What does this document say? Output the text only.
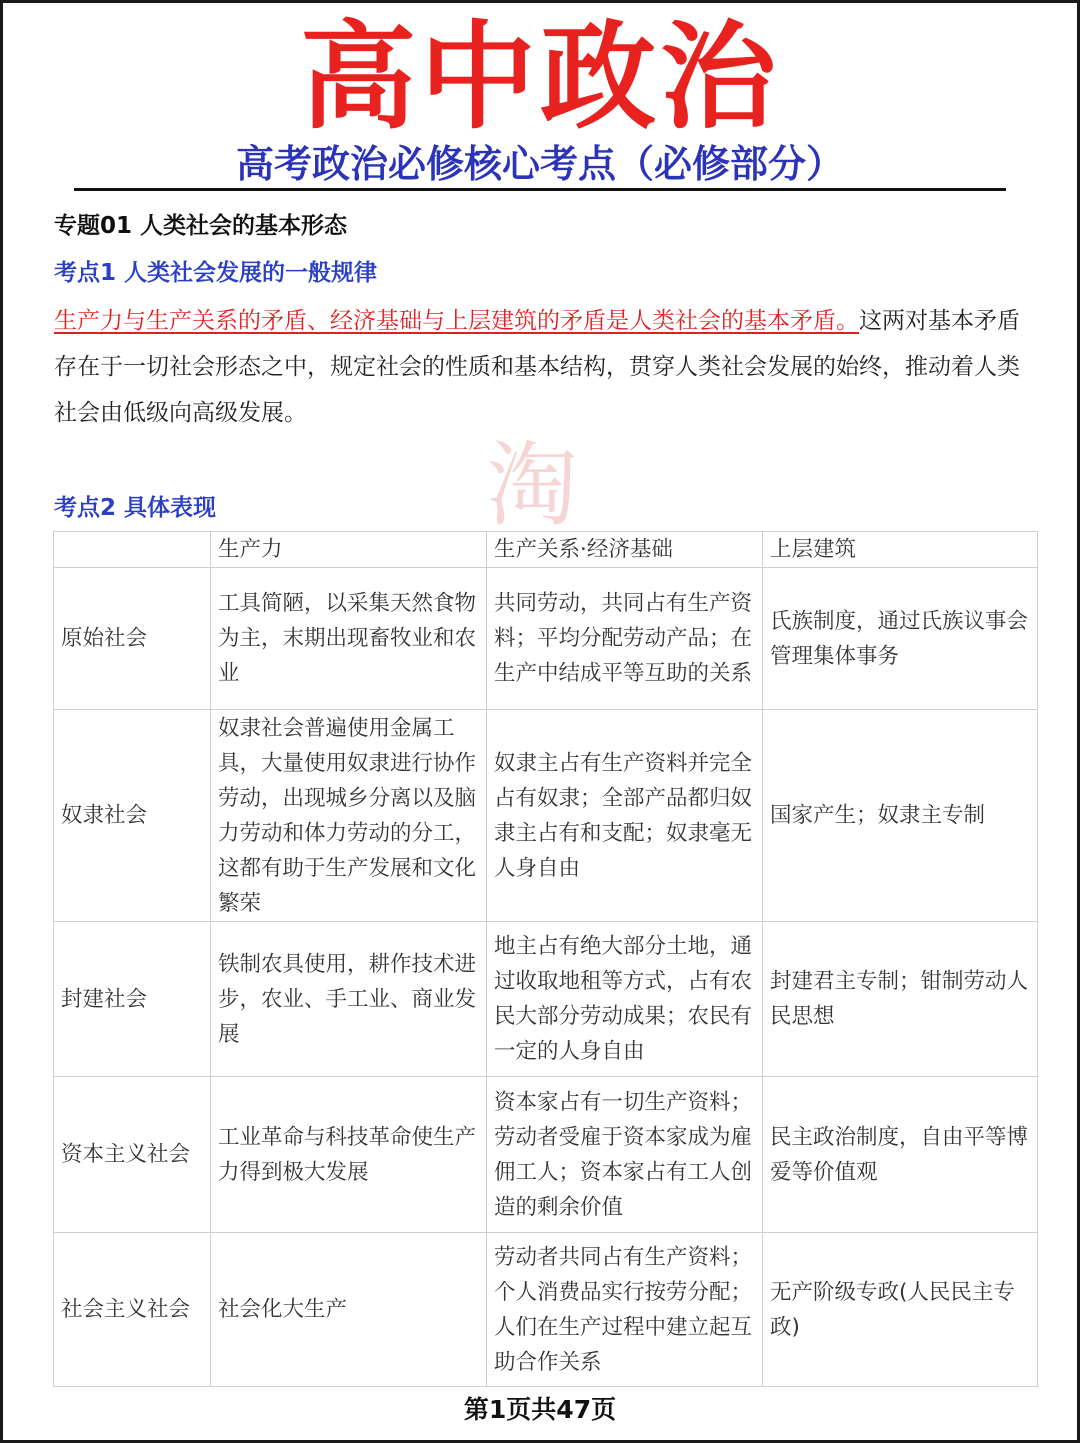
高中政治
高考政治必修核心考点（必修部分）
专题01 人类社会的基本形态
考点1 人类社会发展的一般规律
生产力与生产关系的矛盾、经济基础与上层建筑的矛盾是人类社会的基本矛盾。这两对基本矛盾存在于一切社会形态之中，规定社会的性质和基本结构，贯穿人类社会发展的始终，推动着人类社会由低级向高级发展。
淘
考点2 具体表现
	生产力	生产关系·经济基础	上层建筑
原始社会	工具简陋，以采集天然食物为主，末期出现畜牧业和农业	共同劳动，共同占有生产资料；平均分配劳动产品；在生产中结成平等互助的关系	氏族制度，通过氏族议事会管理集体事务
奴隶社会	奴隶社会普遍使用金属工具，大量使用奴隶进行协作劳动，出现城乡分离以及脑力劳动和体力劳动的分工，这都有助于生产发展和文化繁荣	奴隶主占有生产资料并完全占有奴隶；全部产品都归奴隶主占有和支配；奴隶毫无人身自由	国家产生；奴隶主专制
封建社会	铁制农具使用，耕作技术进步，农业、手工业、商业发展	地主占有绝大部分土地，通过收取地租等方式，占有农民大部分劳动成果；农民有一定的人身自由	封建君主专制；钳制劳动人民思想
资本主义社会	工业革命与科技革命使生产力得到极大发展	资本家占有一切生产资料；劳动者受雇于资本家成为雇佣工人；资本家占有工人创造的剩余价值	民主政治制度，自由平等博爱等价值观
社会主义社会	社会化大生产	劳动者共同占有生产资料；个人消费品实行按劳分配；人们在生产过程中建立起互助合作关系	无产阶级专政(人民民主专政)
第1页共47页
